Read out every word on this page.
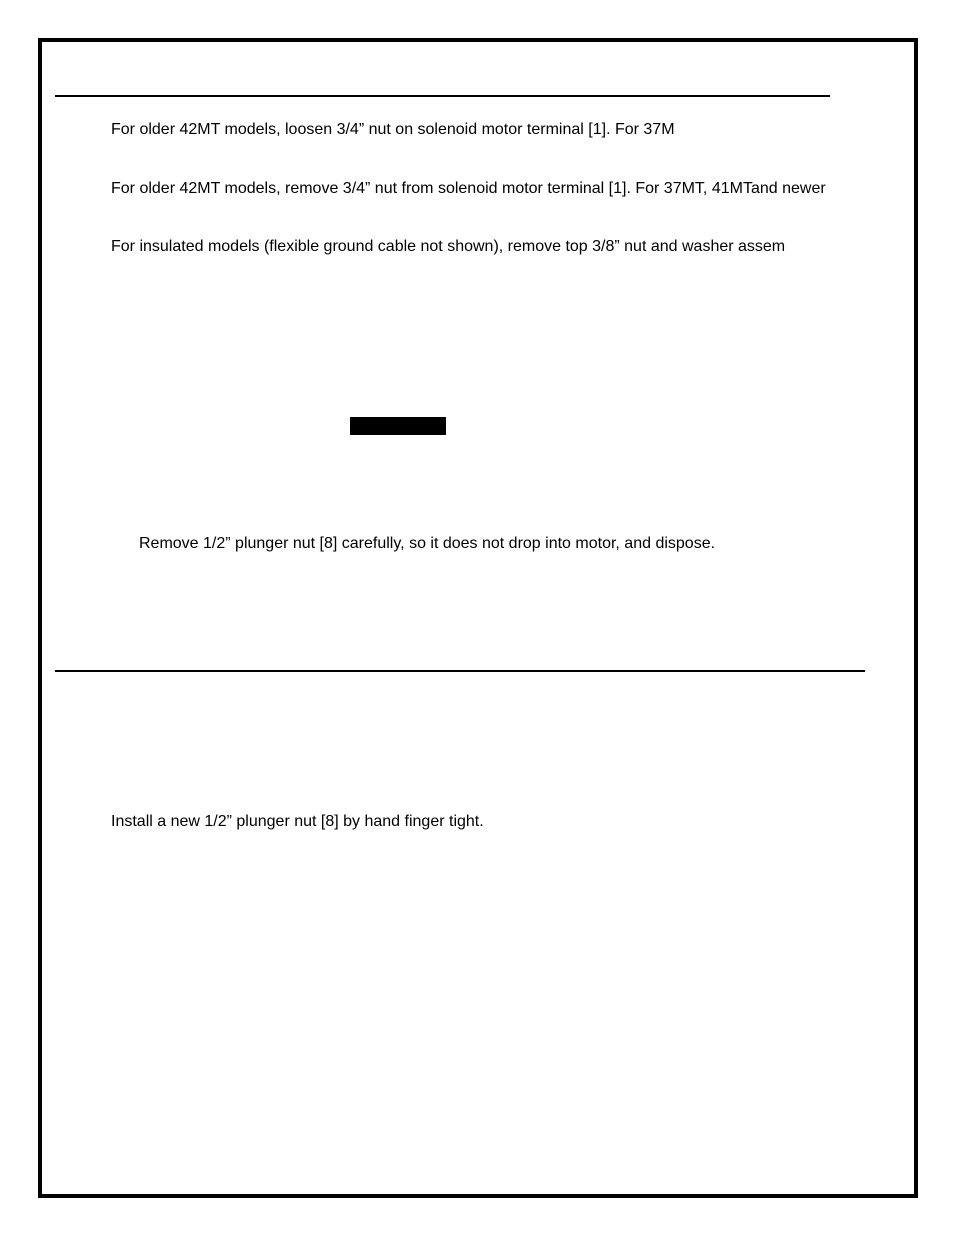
For older 42MT models, loosen 3/4” nut on solenoid motor terminal [1]. For 37M
For older 42MT models, remove 3/4” nut from solenoid motor terminal [1]. For 37MT, 41MTand newer
For insulated models (flexible ground cable not shown), remove top 3/8” nut and washer assem
Remove 1/2” plunger nut [8] carefully, so it does not drop into motor, and dispose.
Install a new 1/2” plunger nut [8] by hand finger tight.
